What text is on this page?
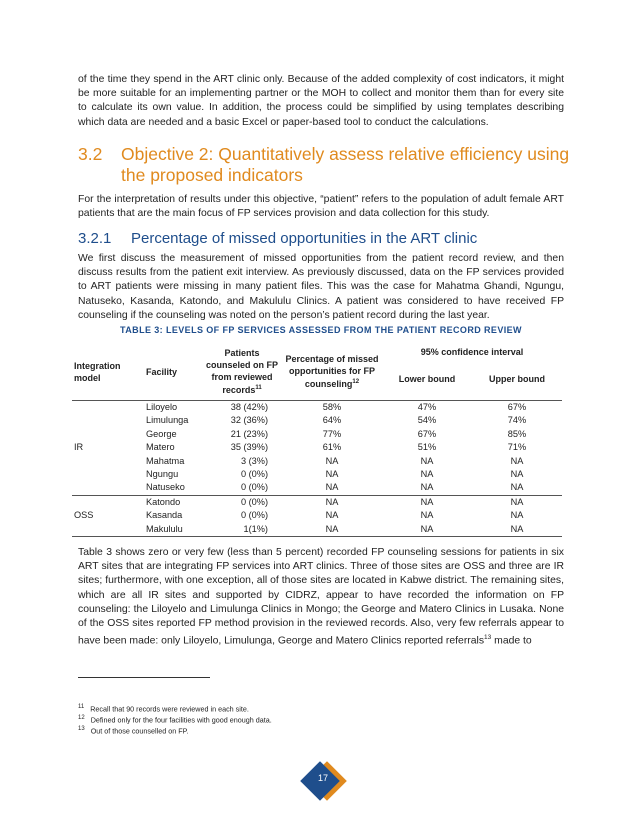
of the time they spend in the ART clinic only. Because of the added complexity of cost indicators, it might be more suitable for an implementing partner or the MOH to collect and monitor them than for every site to calculate its own value. In addition, the process could be simplified by using templates describing which data are needed and a basic Excel or paper-based tool to conduct the calculations.
3.2 Objective 2: Quantitatively assess relative efficiency using the proposed indicators
For the interpretation of results under this objective, “patient” refers to the population of adult female ART patients that are the main focus of FP services provision and data collection for this study.
3.2.1 Percentage of missed opportunities in the ART clinic
We first discuss the measurement of missed opportunities from the patient record review, and then discuss results from the patient exit interview. As previously discussed, data on the FP services provided to ART patients were missing in many patient files. This was the case for Mahatma Ghandi, Ngungu, Natuseko, Kasanda, Katondo, and Makululu Clinics. A patient was considered to have received FP counseling if the counseling was noted on the person’s patient record during the last year.
TABLE 3: LEVELS OF FP SERVICES ASSESSED FROM THE PATIENT RECORD REVIEW
Integration model	Facility	Patients counseled on FP from reviewed records$^{11}$	Percentage of missed opportunities for FP counseling$^{12}$	95% confidence interval	
				Lower bound	Upper bound
IR	Liloyelo	38 (42%)	58%	47%	67%
	Limulunga	32 (36%)	64%	54%	74%
	George	21 (23%)	77%	67%	85%
	Matero	35 (39%)	61%	51%	71%
	Mahatma	3 (3%)	NA	NA	NA
	Ngungu	0 (0%)	NA	NA	NA
	Natuseko	0 (0%)	NA	NA	NA
OSS	Katondo	0 (0%)	NA	NA	NA
	Kasanda	0 (0%)	NA	NA	NA
	Makululu	1(1%)	NA	NA	NA
Table 3 shows zero or very few (less than 5 percent) recorded FP counseling sessions for patients in six ART sites that are integrating FP services into ART clinics. Three of those sites are OSS and three are IR sites; furthermore, with one exception, all of those sites are located in Kabwe district. The remaining sites, which are all IR sites and supported by CIDRZ, appear to have recorded the information on FP counseling: the Liloyelo and Limulunga Clinics in Mongo; the George and Matero Clinics in Lusaka. None of the OSS sites reported FP method provision in the reviewed records. Also, very few referrals appear to have been made: only Liloyelo, Limulunga, George and Matero Clinics reported referrals$^{13}$ made to
$^{11}$ Recall that 90 records were reviewed in each site.
$^{12}$ Defined only for the four facilities with good enough data.
$^{13}$ Out of those counselled on FP.
17
